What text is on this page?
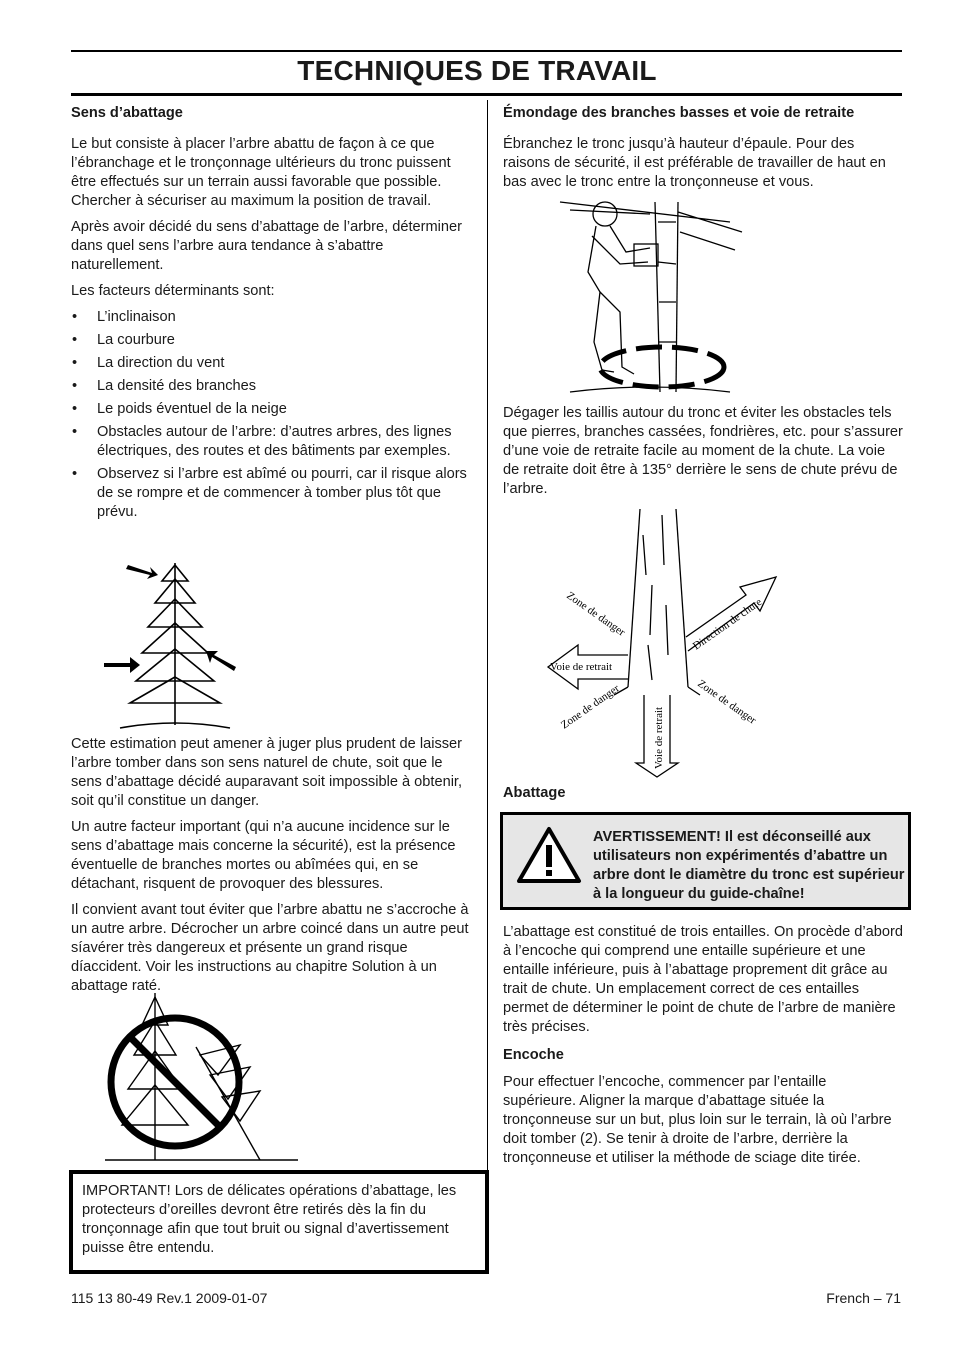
TECHNIQUES DE TRAVAIL
Sens d’abattage

Le but consiste à placer l’arbre abattu de façon à ce que l’ébranchage et le tronçonnage ultérieurs du tronc puissent être effectués sur un terrain aussi favorable que possible. Chercher à sécuriser au maximum la position de travail.

Après avoir décidé du sens d’abattage de l’arbre, déterminer dans quel sens l’arbre aura tendance à s’abattre naturellement.

Les facteurs déterminants sont:

• L’inclinaison
• La courbure
• La direction du vent
• La densité des branches
• Le poids éventuel de la neige
• Obstacles autour de l’arbre: d’autres arbres, des lignes électriques, des routes et des bâtiments par exemples.
• Observez si l’arbre est abîmé ou pourri, car il risque alors de se rompre et de commencer à tomber plus tôt que prévu.

Cette estimation peut amener à juger plus prudent de laisser l’arbre tomber dans son sens naturel de chute, soit que le sens d’abattage décidé auparavant soit impossible à obtenir, soit qu’il constitue un danger.

Un autre facteur important (qui n’a aucune incidence sur le sens d’abattage mais concerne la sécurité), est la présence éventuelle de branches mortes ou abîmées qui, en se détachant, risquent de provoquer des blessures.

Il convient avant tout éviter que l’arbre abattu ne s’accroche à un autre arbre. Décrocher un arbre coincé dans un autre peut síavérer très dangereux et présente un grand risque díaccident. Voir les instructions au chapitre Solution à un abattage raté.

IMPORTANT! Lors de délicates opérations d’abattage, les protecteurs d’oreilles devront être retirés dès la fin du tronçonnage afin que tout bruit ou signal d’avertissement puisse être entendu.
Émondage des branches basses et voie de retraite

Ébranchez le tronc jusqu’à hauteur d’épaule. Pour des raisons de sécurité, il est préférable de travailler de haut en bas avec le tronc entre la tronçonneuse et vous.

Dégager les taillis autour du tronc et éviter les obstacles tels que pierres, branches cassées, fondrières, etc. pour s’assurer d’une voie de retraite facile au moment de la chute. La voie de retraite doit être à 135° derrière le sens de chute prévu de l’arbre.

Zone de danger	Direction de chute
Voie de retrait
Zone de danger	Voie de retrait
Zone de danger
Abattage
AVERTISSEMENT! Il est déconseillé aux utilisateurs non expérimentés d’abattre un arbre dont le diamètre du tronc est supérieur à la longueur du guide-chaîne!

L’abattage est constitué de trois entailles. On procède d’abord à l’encoche qui comprend une entaille supérieure et une entaille inférieure, puis à l’abattage proprement dit grâce au trait de chute. Un emplacement correct de ces entailles permet de déterminer le point de chute de l’arbre de manière très précises.

Encoche

Pour effectuer l’encoche, commencer par l’entaille supérieure. Aligner la marque d’abattage située la tronçonneuse sur un but, plus loin sur le terrain, là où l’arbre doit tomber (2). Se tenir à droite de l’arbre, derrière la tronçonneuse et utiliser la méthode de sciage dite tirée.

115 13 80-49 Rev.1 2009-01-07	French – 71
